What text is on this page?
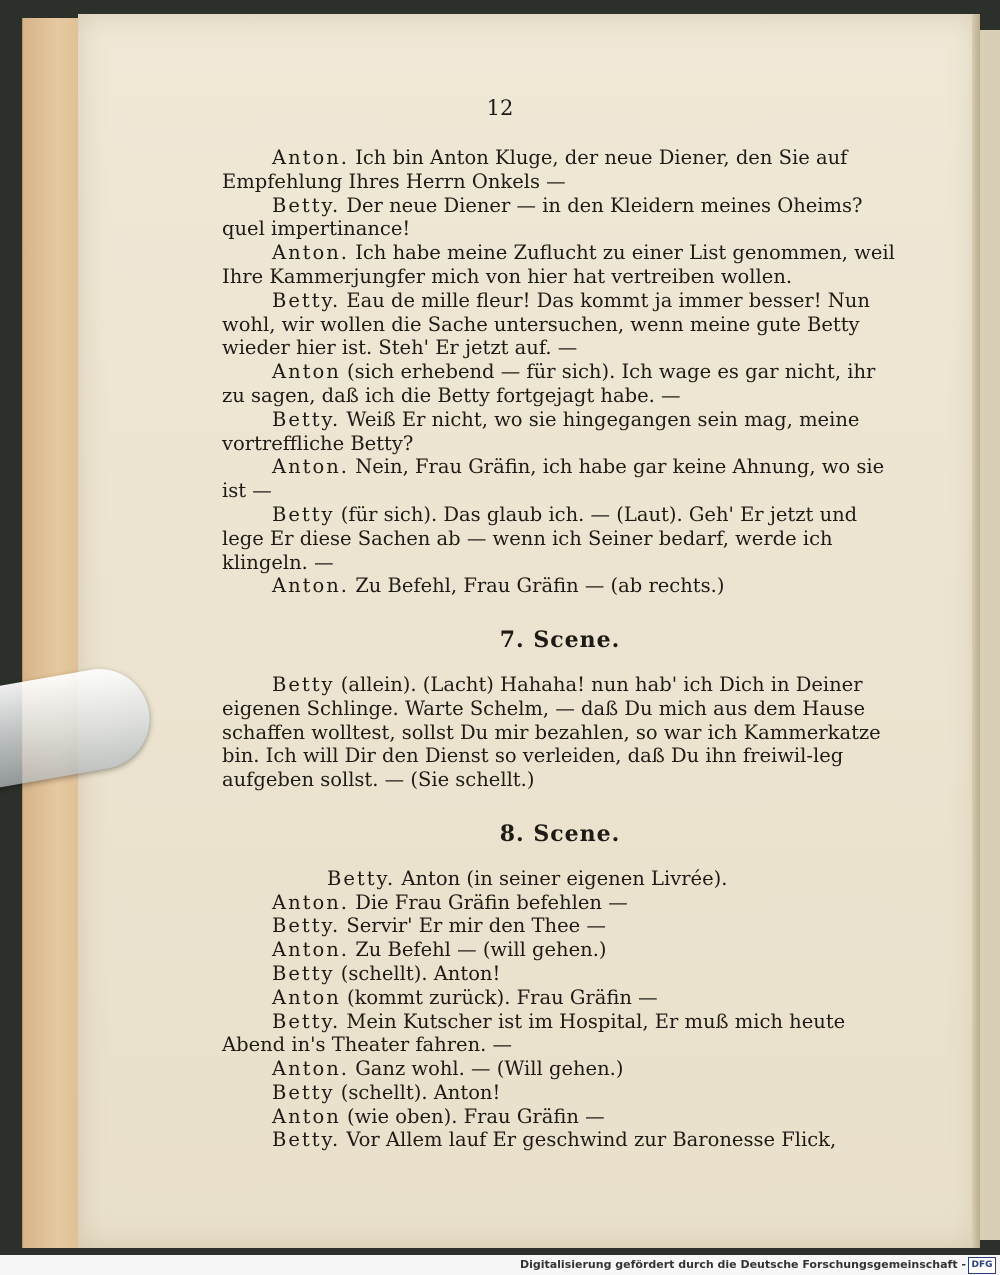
12

Anton. Ich bin Anton Kluge, der neue Diener, den Sie auf Empfehlung Ihres Herrn Onkels —

Betty. Der neue Diener — in den Kleidern meines Oheims? quel impertinance!

Anton. Ich habe meine Zuflucht zu einer List genommen, weil Ihre Kammerjungfer mich von hier hat vertreiben wollen.

Betty. Eau de mille fleur! Das kommt ja immer besser! Nun wohl, wir wollen die Sache untersuchen, wenn meine gute Betty wieder hier ist. Steh' Er jetzt auf. —

Anton (sich erhebend — für sich). Ich wage es gar nicht, ihr zu sagen, daß ich die Betty fortgejagt habe. —

Betty. Weiß Er nicht, wo sie hingegangen sein mag, meine vortreffliche Betty?

Anton. Nein, Frau Gräfin, ich habe gar keine Ahnung, wo sie ist —

Betty (für sich). Das glaub ich. — (Laut). Geh' Er jetzt und lege Er diese Sachen ab — wenn ich Seiner bedarf, werde ich klingeln. —

Anton. Zu Befehl, Frau Gräfin — (ab rechts.)

7. Scene.

Betty (allein). (Lacht) Hahaha! nun hab' ich Dich in Deiner eigenen Schlinge. Warte Schelm, — daß Du mich aus dem Hause schaffen wolltest, sollst Du mir bezahlen, so war ich Kammerkatze bin. Ich will Dir den Dienst so verleiden, daß Du ihn freiwil-leg aufgeben sollst. — (Sie schellt.)

8. Scene.

Betty. Anton (in seiner eigenen Livrée).

Anton. Die Frau Gräfin befehlen —

Betty. Servir' Er mir den Thee —

Anton. Zu Befehl — (will gehen.)

Betty (schellt). Anton!

Anton (kommt zurück). Frau Gräfin —

Betty. Mein Kutscher ist im Hospital, Er muß mich heute Abend in's Theater fahren. —

Anton. Ganz wohl. — (Will gehen.)

Betty (schellt). Anton!

Anton (wie oben). Frau Gräfin —

Betty. Vor Allem lauf Er geschwind zur Baronesse Flick,

Digitalisierung gefördert durch die Deutsche Forschungsgemeinschaft - DFG
